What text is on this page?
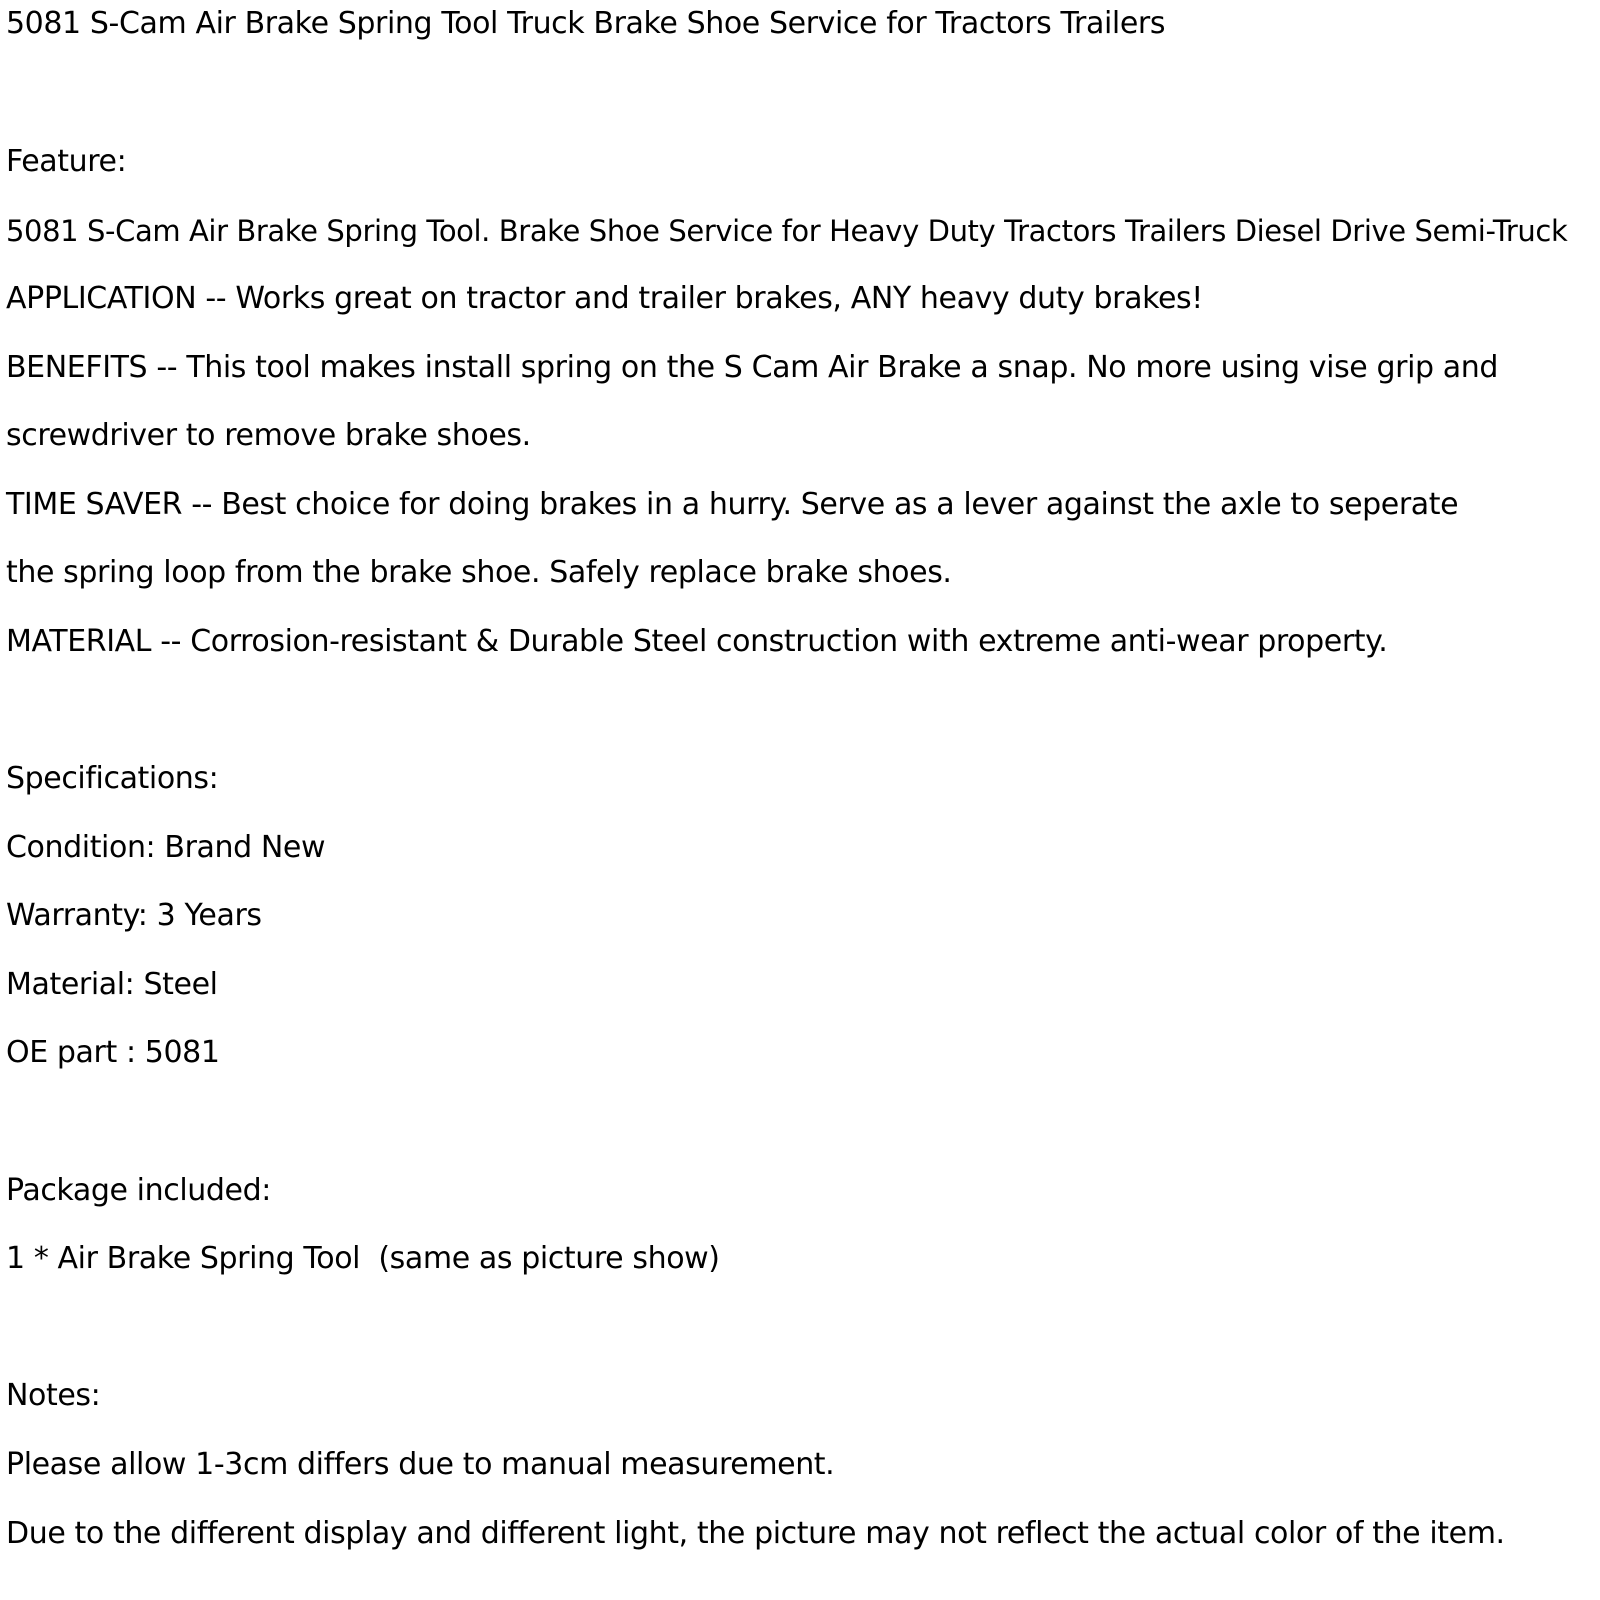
5081 S-Cam Air Brake Spring Tool Truck Brake Shoe Service for Tractors Trailers
Feature:
5081 S-Cam Air Brake Spring Tool. Brake Shoe Service for Heavy Duty Tractors Trailers Diesel Drive Semi-Truck
APPLICATION -- Works great on tractor and trailer brakes, ANY heavy duty brakes!
BENEFITS -- This tool makes install spring on the S Cam Air Brake a snap. No more using vise grip and
screwdriver to remove brake shoes.
TIME SAVER -- Best choice for doing brakes in a hurry. Serve as a lever against the axle to seperate
the spring loop from the brake shoe. Safely replace brake shoes.
MATERIAL -- Corrosion-resistant & Durable Steel construction with extreme anti-wear property.
Specifications:
Condition: Brand New
Warranty: 3 Years
Material: Steel
OE part : 5081
Package included:
1 * Air Brake Spring Tool  (same as picture show)
Notes:
Please allow 1-3cm differs due to manual measurement.
Due to the different display and different light, the picture may not reflect the actual color of the item.
